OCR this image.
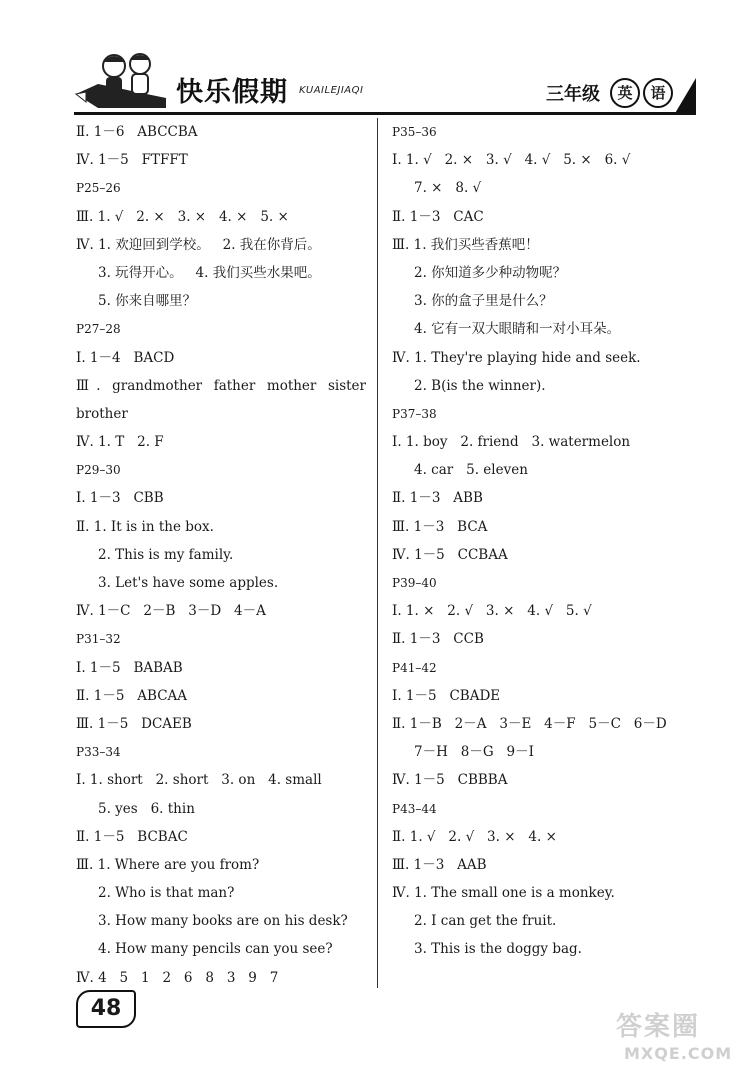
快乐假期 KUAILEJIAQI	三年级	英	语
Ⅱ. 1－6   ABCCBA
Ⅳ. 1－5   FTFFT
P25–26
Ⅲ. 1. √   2. ×   3. ×   4. ×   5. ×
Ⅳ. 1. 欢迎回到学校。   2. 我在你背后。
3. 玩得开心。   4. 我们买些水果吧。
5. 你来自哪里？
P27–28
Ⅰ. 1－4   BACD
Ⅲ. grandmother father mother sister
brother
Ⅳ. 1. T   2. F
P29–30
Ⅰ. 1－3   CBB
Ⅱ. 1. It is in the box.
2. This is my family.
3. Let's have some apples.
Ⅳ. 1－C   2－B   3－D   4－A
P31–32
Ⅰ. 1－5   BABAB
Ⅱ. 1－5   ABCAA
Ⅲ. 1－5   DCAEB
P33–34
Ⅰ. 1. short   2. short   3. on   4. small
5. yes   6. thin
Ⅱ. 1－5   BCBAC
Ⅲ. 1. Where are you from?
2. Who is that man?
3. How many books are on his desk?
4. How many pencils can you see?
Ⅳ. 4   5   1   2   6   8   3   9   7
P35–36
Ⅰ. 1. √   2. ×   3. √   4. √   5. ×   6. √
7. ×   8. √
Ⅱ. 1－3   CAC
Ⅲ. 1. 我们买些香蕉吧！
2. 你知道多少种动物呢？
3. 你的盒子里是什么？
4. 它有一双大眼睛和一对小耳朵。
Ⅳ. 1. They're playing hide and seek.
2. B(is the winner).
P37–38
Ⅰ. 1. boy   2. friend   3. watermelon
4. car   5. eleven
Ⅱ. 1－3   ABB
Ⅲ. 1－3   BCA
Ⅳ. 1－5   CCBAA
P39–40
Ⅰ. 1. ×   2. √   3. ×   4. √   5. √
Ⅱ. 1－3   CCB
P41–42
Ⅰ. 1－5   CBADE
Ⅱ. 1－B   2－A   3－E   4－F   5－C   6－D
7－H   8－G   9－I
Ⅳ. 1－5   CBBBA
P43–44
Ⅱ. 1. √   2. √   3. ×   4. ×
Ⅲ. 1－3   AAB
Ⅳ. 1. The small one is a monkey.
2. I can get the fruit.
3. This is the doggy bag.
48
答案圈
MXQE.COM
